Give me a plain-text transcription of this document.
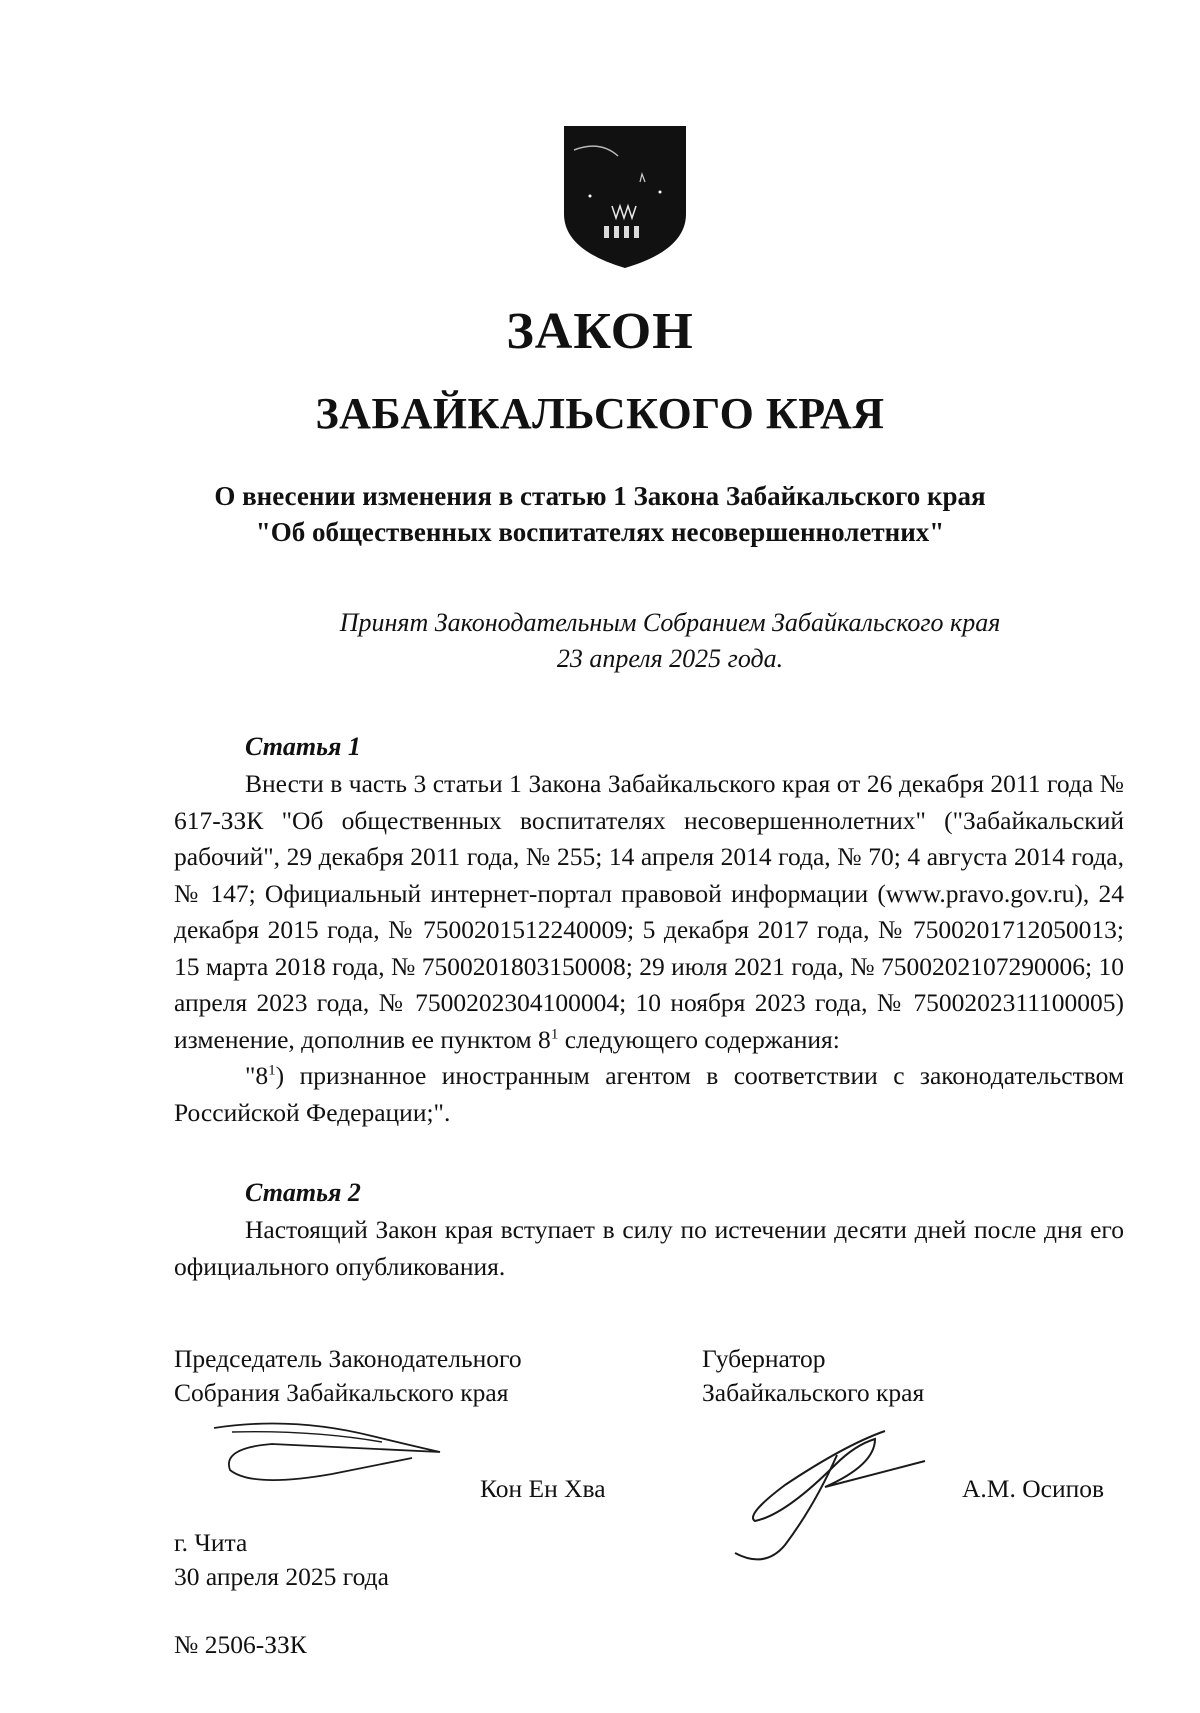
ЗАКОН
ЗАБАЙКАЛЬСКОГО КРАЯ
О внесении изменения в статью 1 Закона Забайкальского края
"Об общественных воспитателях несовершеннолетних"
Принят Законодательным Собранием Забайкальского края
23 апреля 2025 года.
Статья 1

Внести в часть 3 статьи 1 Закона Забайкальского края от 26 декабря 2011 года № 617-ЗЗК "Об общественных воспитателях несовершеннолетних" ("Забайкальский рабочий", 29 декабря 2011 года, № 255; 14 апреля 2014 года, № 70; 4 августа 2014 года, № 147; Официальный интернет-портал правовой информации (www.pravo.gov.ru), 24 декабря 2015 года, № 7500201512240009; 5 декабря 2017 года, № 7500201712050013; 15 марта 2018 года, № 7500201803150008; 29 июля 2021 года, № 7500202107290006; 10 апреля 2023 года, № 7500202304100004; 10 ноября 2023 года, № 7500202311100005) изменение, дополнив ее пунктом $8^1$ следующего содержания:

"$8^1$) признанное иностранным агентом в соответствии с законодательством Российской Федерации;".

Статья 2

Настоящий Закон края вступает в силу по истечении десяти дней после дня его официального опубликования.

Председатель Законодательного
Собрания Забайкальского края
Губернатор
Забайкальского края
Кон Ен Хва	А.М. Осипов
г. Чита
30 апреля 2025 года
№ 2506-ЗЗК
